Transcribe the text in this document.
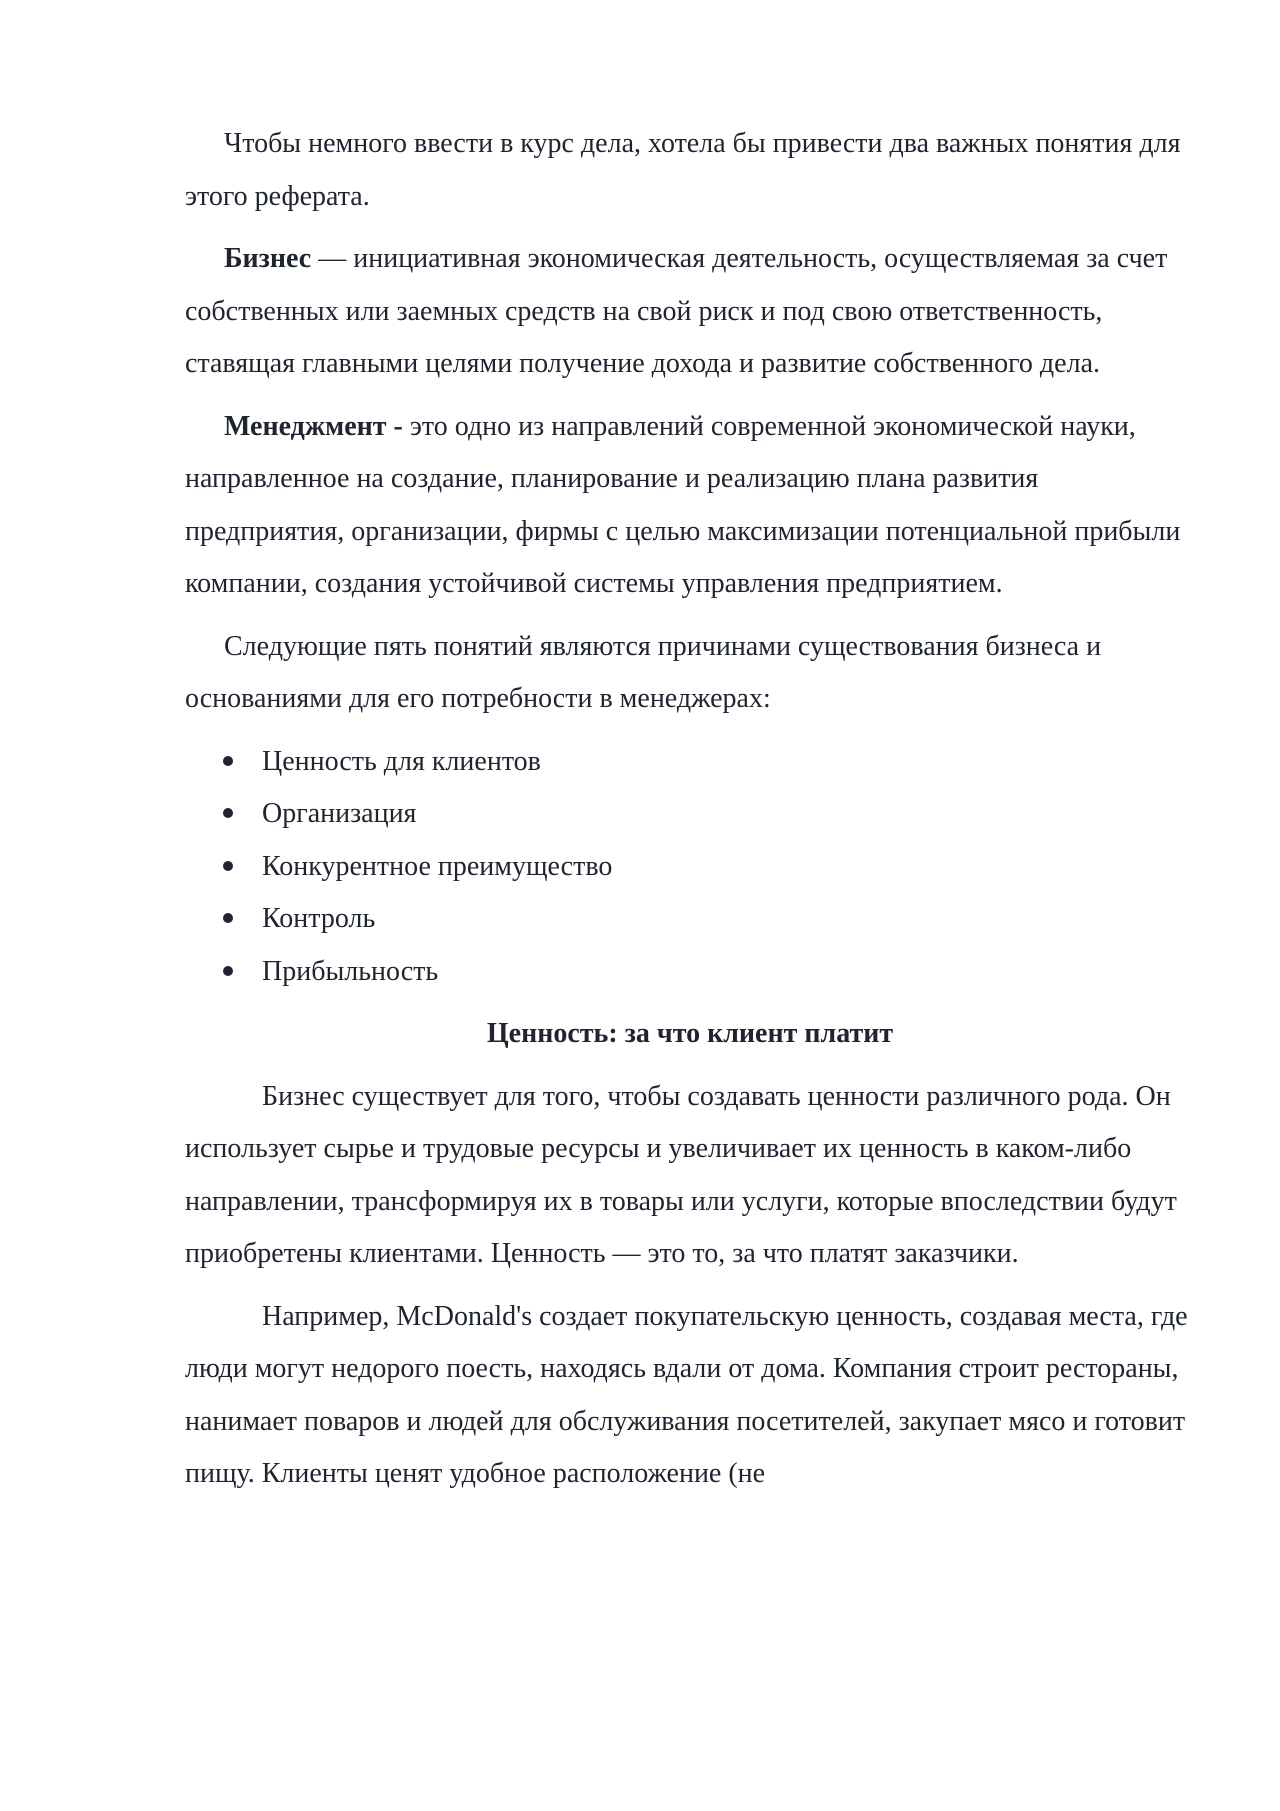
Чтобы немного ввести в курс дела, хотела бы привести два важных понятия для этого реферата.

Бизнес — инициативная экономическая деятельность, осуществляемая за счет собственных или заемных средств на свой риск и под свою ответственность, ставящая главными целями получение дохода и развитие собственного дела.

Менеджмент - это одно из направлений современной экономической науки, направленное на создание, планирование и реализацию плана развития предприятия, организации, фирмы с целью максимизации потенциальной прибыли компании, создания устойчивой системы управления предприятием.

Следующие пять понятий являются причинами существования бизнеса и основаниями для его потребности в менеджерах:

Ценность для клиентов
Организация
Конкурентное преимущество
Контроль
Прибыльность

Ценность: за что клиент платит

Бизнес существует для того, чтобы создавать ценности различного рода. Он использует сырье и трудовые ресурсы и увеличивает их ценность в каком-либо направлении, трансформируя их в товары или услуги, которые впоследствии будут приобретены клиентами. Ценность — это то, за что платят заказчики.

Например, McDonald's создает покупательскую ценность, создавая места, где люди могут недорого поесть, находясь вдали от дома. Компания строит рестораны, нанимает поваров и людей для обслуживания посетителей, закупает мясо и готовит пищу. Клиенты ценят удобное расположение (не
